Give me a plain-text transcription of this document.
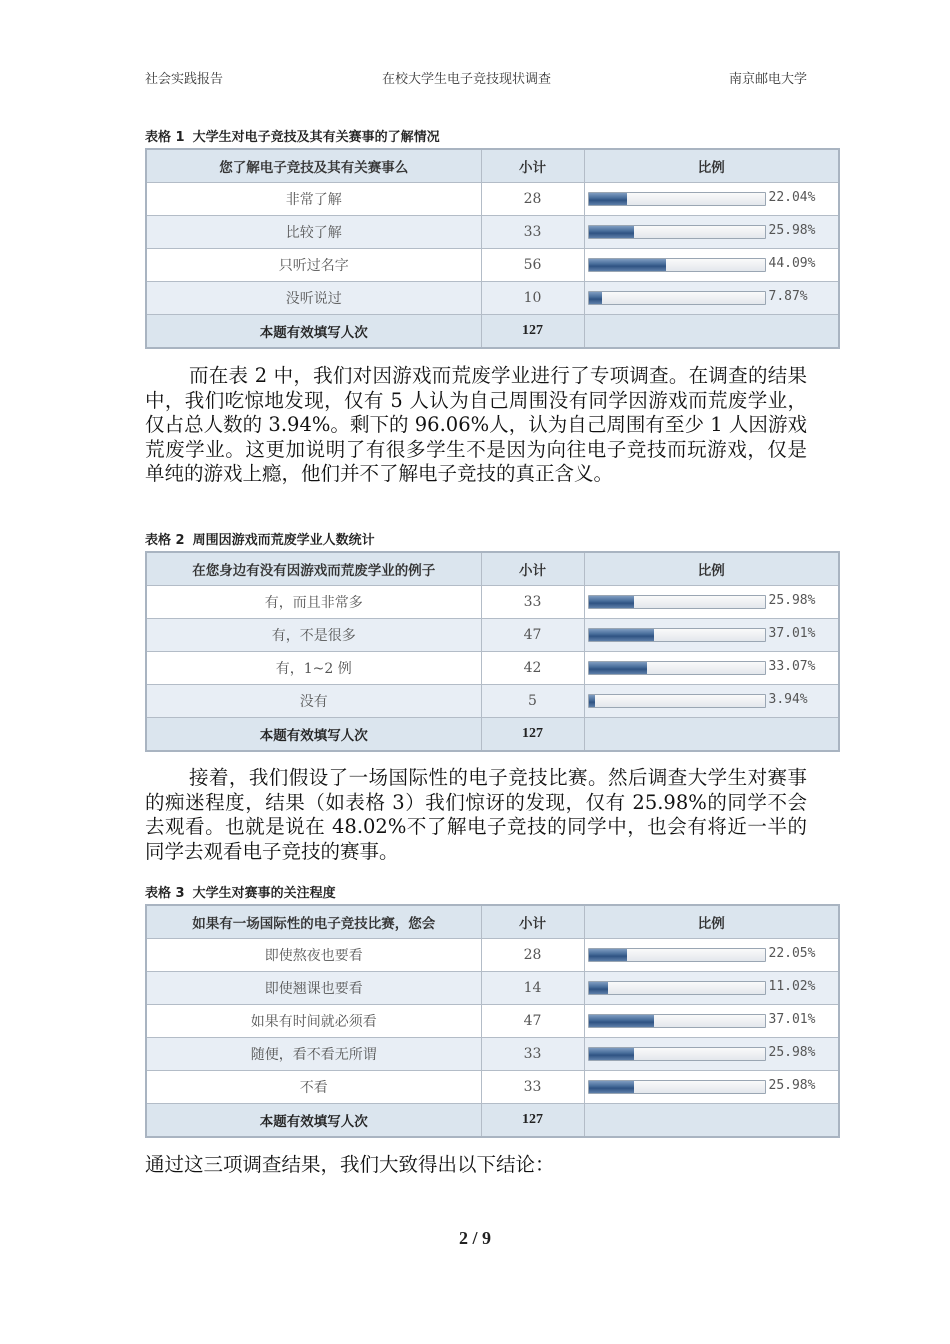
社会实践报告	在校大学生电子竞技现状调查	南京邮电大学
表格 1 大学生对电子竞技及其有关赛事的了解情况
您了解电子竞技及其有关赛事么	小计	比例
非常了解	28	22.04%

比较了解	33	25.98%

只听过名字	56	44.09%

没听说过	10	7.87%

本题有效填写人次	127	
而在表 2 中，我们对因游戏而荒废学业进行了专项调查。在调查的结果中，我们吃惊地发现，仅有 5 人认为自己周围没有同学因游戏而荒废学业，仅占总人数的 3.94%。剩下的 96.06%人，认为自己周围有至少 1 人因游戏荒废学业。这更加说明了有很多学生不是因为向往电子竞技而玩游戏，仅是单纯的游戏上瘾，他们并不了解电子竞技的真正含义。
表格 2 周围因游戏而荒废学业人数统计
在您身边有没有因游戏而荒废学业的例子	小计	比例
有，而且非常多	33	25.98%

有，不是很多	47	37.01%

有，1~2 例	42	33.07%

没有	5	3.94%

本题有效填写人次	127	
接着，我们假设了一场国际性的电子竞技比赛。然后调查大学生对赛事的痴迷程度，结果（如表格 3）我们惊讶的发现，仅有 25.98%的同学不会去观看。也就是说在 48.02%不了解电子竞技的同学中，也会有将近一半的同学去观看电子竞技的赛事。
表格 3 大学生对赛事的关注程度
如果有一场国际性的电子竞技比赛，您会	小计	比例
即使熬夜也要看	28	22.05%

即使翘课也要看	14	11.02%

如果有时间就必须看	47	37.01%

随便，看不看无所谓	33	25.98%

不看	33	25.98%

本题有效填写人次	127	
通过这三项调查结果，我们大致得出以下结论：
2 / 9
